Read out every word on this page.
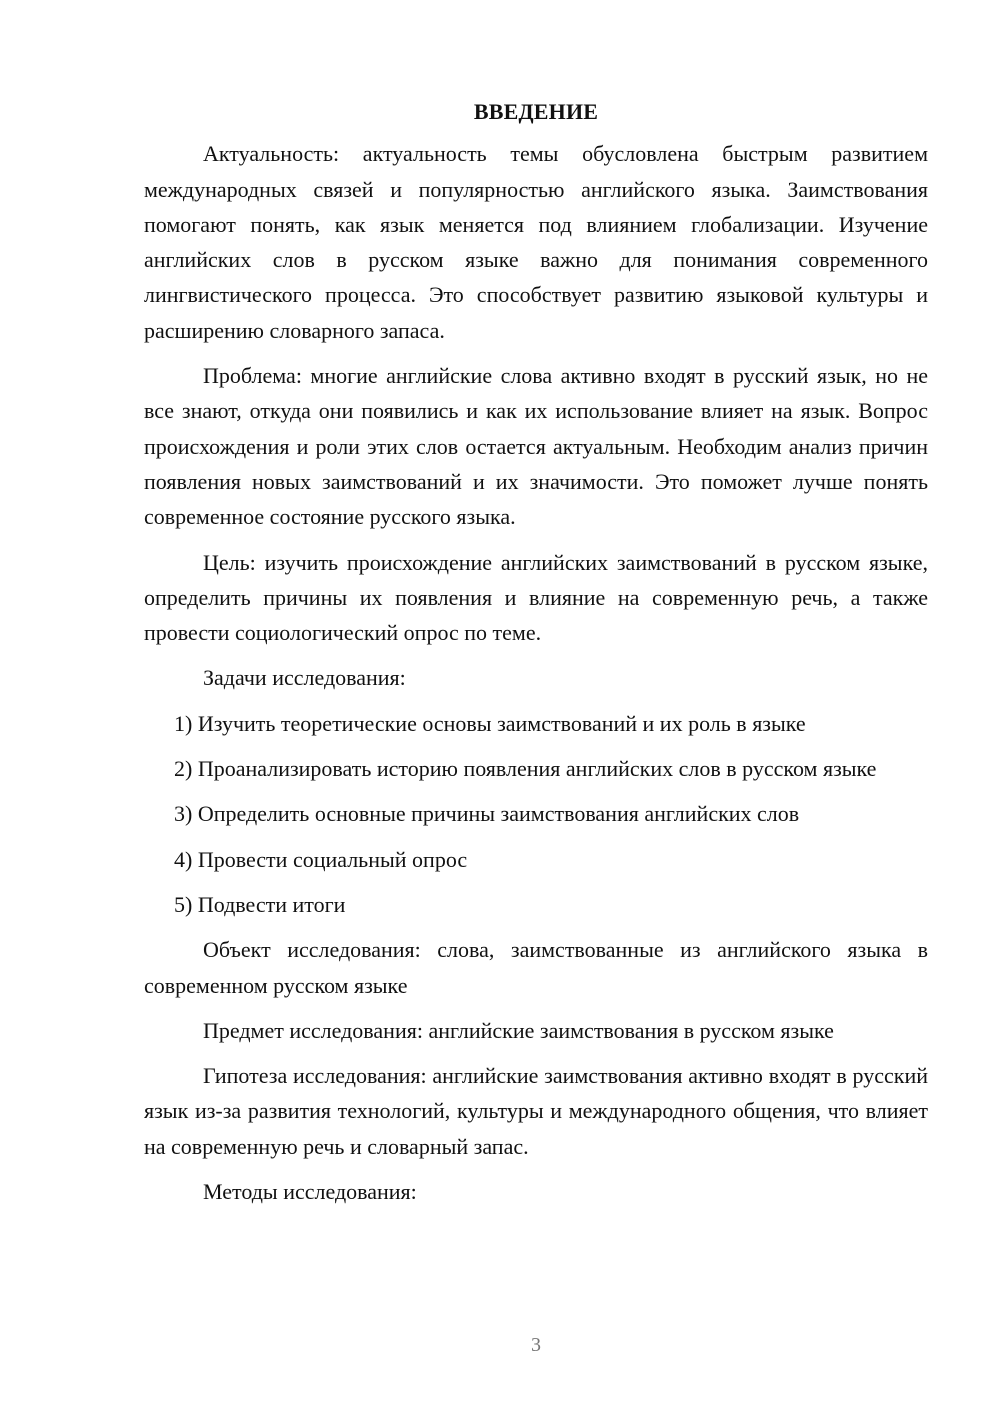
ВВЕДЕНИЕ

Актуальность: актуальность темы обусловлена быстрым развитием международных связей и популярностью английского языка. Заимствования помогают понять, как язык меняется под влиянием глобализации. Изучение английских слов в русском языке важно для понимания современного лингвистического процесса. Это способствует развитию языковой культуры и расширению словарного запаса.

Проблема: многие английские слова активно входят в русский язык, но не все знают, откуда они появились и как их использование влияет на язык. Вопрос происхождения и роли этих слов остается актуальным. Необходим анализ причин появления новых заимствований и их значимости. Это поможет лучше понять современное состояние русского языка.

Цель: изучить происхождение английских заимствований в русском языке, определить причины их появления и влияние на современную речь, а также провести социологический опрос по теме.

Задачи исследования:

1) Изучить теоретические основы заимствований и их роль в языке

2) Проанализировать историю появления английских слов в русском языке

3) Определить основные причины заимствования английских слов

4) Провести социальный опрос

5) Подвести итоги

Объект исследования: слова, заимствованные из английского языка в современном русском языке

Предмет исследования: английские заимствования в русском языке

Гипотеза исследования: английские заимствования активно входят в русский язык из-за развития технологий, культуры и международного общения, что влияет на современную речь и словарный запас.

Методы исследования:

3
